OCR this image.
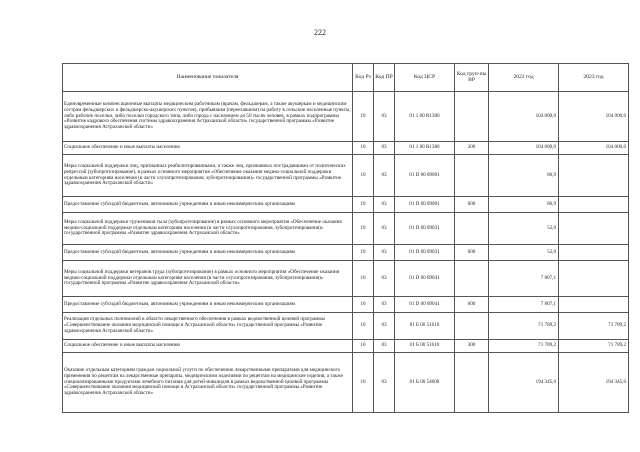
222
Наименование показателя	Код Рз	Код ПР	Код ЦСР	Код груп-пы ВР	2022 год	2023 год
Единовременные компенсационные выплаты медицинским работникам (врачам, фельдшерам, а также акушеркам и медицинским сестрам фельдшерских и фельдшерско-акушерских пунктов), прибывшим (переехавшим) на работу в сельские населенные пункты, либо рабочие поселки, либо поселки городского типа, либо города с населением до 50 тысяч человек, в рамках подпрограммы «Развитие кадрового обеспечения системы здравоохранения Астраханской области» государственной программы «Развитие здравоохранения Астраханской области»	10	03	01 1 00 R1380		104 000,0	104 000,0
Социальное обеспечение и иные выплаты населению	10	03	01 1 00 R1380	300	104 000,0	104 000,0
Меры социальной поддержки лиц, признанных реабилитированными, а также лиц, признанных пострадавшими от политических репрессий (зубопротезирование), в рамках основного мероприятия «Обеспечение оказания медико-социальной поддержки отдельным категориям населения (в части слухопротезирования, зубопротезирования)» государственной программы «Развитие здравоохранения Астраханской области»	10	03	01 D 00 89001		86,9	
Предоставление субсидий бюджетным, автономным учреждениям и иным некоммерческим организациям	10	03	01 D 00 89001	600	86,9	
Меры социальной поддержки тружеников тыла (зубопротезирование) в рамках основного мероприятия «Обеспечение оказания медико-социальной поддержки отдельным категориям населения (в части слухопротезирования, зубопротезирования)» государственной программы «Развитие здравоохранения Астраханской области»	10	03	01 D 00 89031		52,0	
Предоставление субсидий бюджетным, автономным учреждениям и иным некоммерческим организациям	10	03	01 D 00 89031	600	52,0	
Меры социальной поддержки ветеранов труда (зубопротезирование) в рамках основного мероприятия «Обеспечение оказания медико-социальной поддержки отдельным категориям населения (в части слухопротезирования, зубопротезирования)» государственной программы «Развитие здравоохранения Астраханской области»	10	03	01 D 00 89041		7 807,1	
Предоставление субсидий бюджетным, автономным учреждениям и иным некоммерческим организациям	10	03	01 D 00 89041	600	7 807,1	
Реализация отдельных полномочий в области лекарственного обеспечения в рамках ведомственной целевой программы «Совершенствование оказания медицинской помощи в Астраханской области» государственной программы «Развитие здравоохранения Астраханской области»	10	03	01 Б 00 51610		71 789,2	71 789,2
Социальное обеспечение и иные выплаты населению	10	03	01 Б 00 51610	300	71 789,2	71 789,2
Оказание отдельным категориям граждан социальной услуги по обеспечению лекарственными препаратами для медицинского применения по рецептам на лекарственные препараты, медицинскими изделиями по рецептам на медицинские изделия, а также специализированными продуктами лечебного питания для детей-инвалидов в рамках ведомственной целевой программы «Совершенствование оказания медицинской помощи в Астраханской области» государственной программы «Развитие здравоохранения Астраханской области»	10	03	01 Б 00 54600		194 345,0	194 345,0
